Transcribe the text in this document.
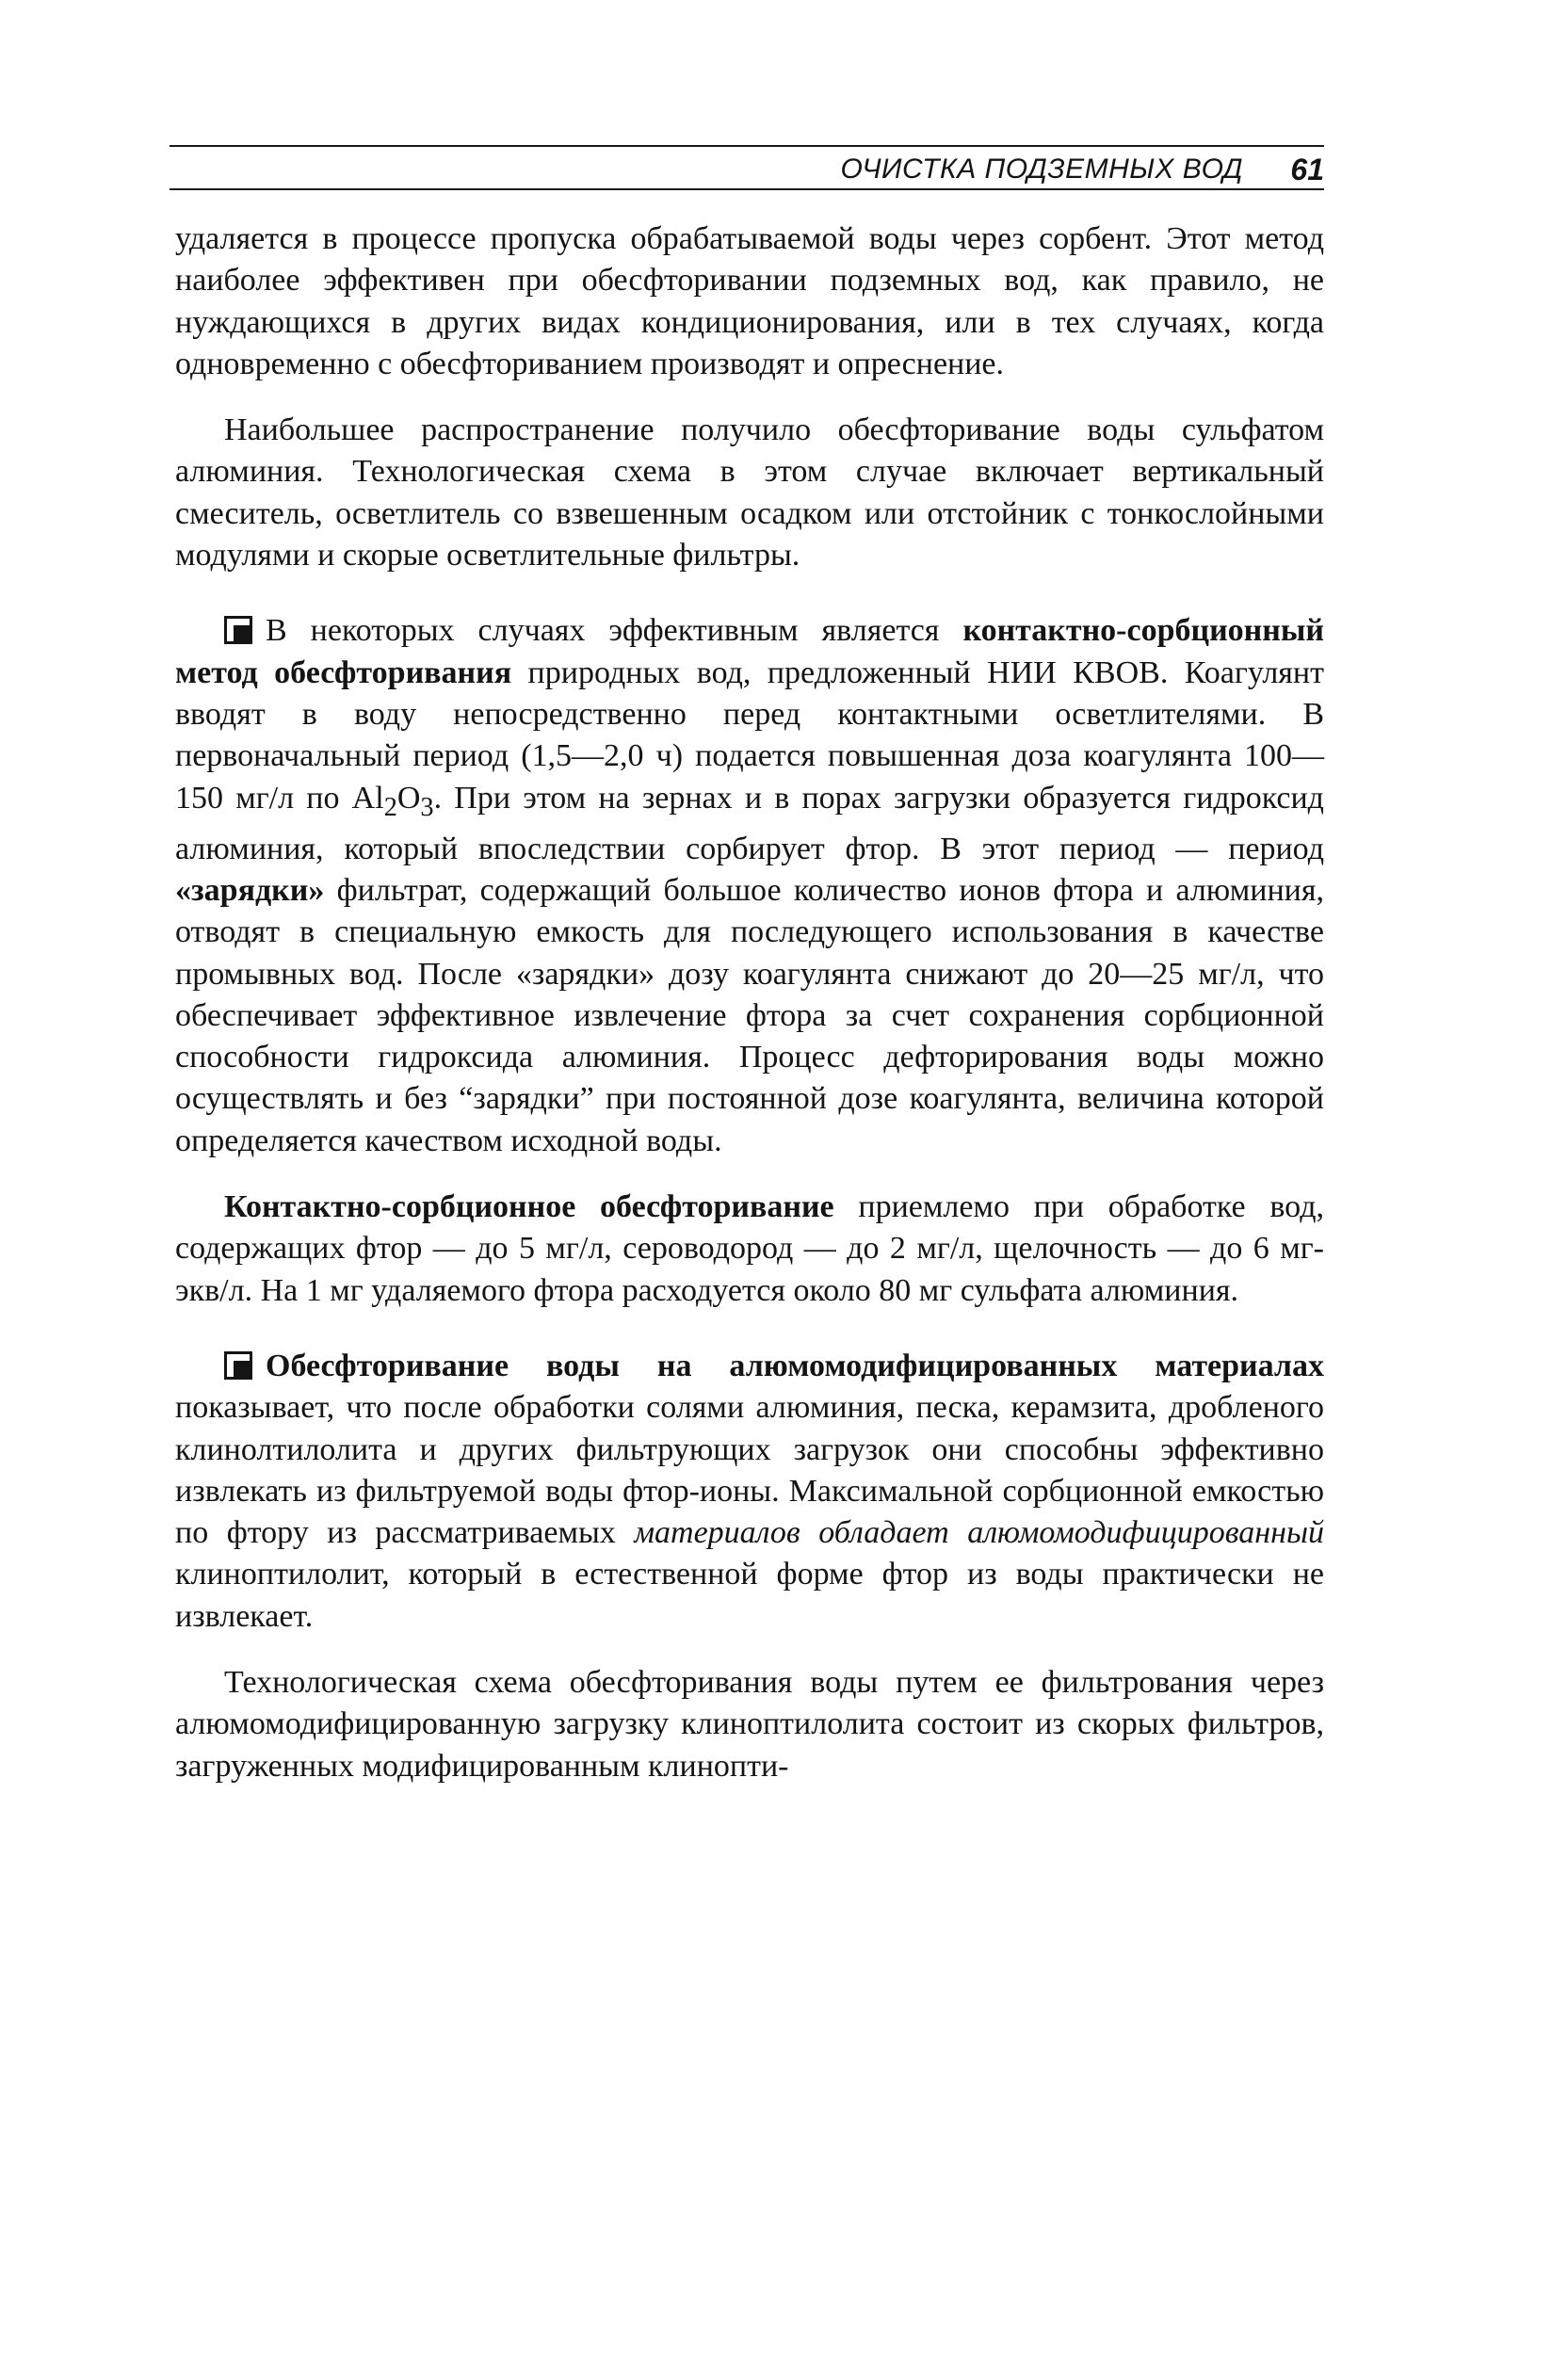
ОЧИСТКА ПОДЗЕМНЫХ ВОД 61

удаляется в процессе пропуска обрабатываемой воды через сорбент. Этот метод наиболее эффективен при обесфторивании подземных вод, как правило, не нуждающихся в других видах кондиционирования, или в тех случаях, когда одновременно с обесфториванием производят и опреснение.

Наибольшее распространение получило обесфторивание воды сульфатом алюминия. Технологическая схема в этом случае включает вертикальный смеситель, осветлитель со взвешенным осадком или отстойник с тонкослойными модулями и скорые осветлительные фильтры.

В некоторых случаях эффективным является контактно-сорбционный метод обесфторивания природных вод, предложенный НИИ КВОВ. Коагулянт вводят в воду непосредственно перед контактными осветлителями. В первоначальный период (1,5—2,0 ч) подается повышенная доза коагулянта 100—150 мг/л по $Al_2O_3$. При этом на зернах и в порах загрузки образуется гидроксид алюминия, который впоследствии сорбирует фтор. В этот период — период «зарядки» фильтрат, содержащий большое количество ионов фтора и алюминия, отводят в специальную емкость для последующего использования в качестве промывных вод. После «зарядки» дозу коагулянта снижают до 20—25 мг/л, что обеспечивает эффективное извлечение фтора за счет сохранения сорбционной способности гидроксида алюминия. Процесс дефторирования воды можно осуществлять и без “зарядки” при постоянной дозе коагулянта, величина которой определяется качеством исходной воды.

Контактно-сорбционное обесфторивание приемлемо при обработке вод, содержащих фтор — до 5 мг/л, сероводород — до 2 мг/л, щелочность — до 6 мг-экв/л. На 1 мг удаляемого фтора расходуется около 80 мг сульфата алюминия.

Обесфторивание воды на алюмомодифицированных материалах показывает, что после обработки солями алюминия, песка, керамзита, дробленого клинолтилолита и других фильтрующих загрузок они способны эффективно извлекать из фильтруемой воды фтор-ионы. Максимальной сорбционной емкостью по фтору из рассматриваемых материалов обладает алюмомодифицированный клиноптилолит, который в естественной форме фтор из воды практически не извлекает.

Технологическая схема обесфторивания воды путем ее фильтрования через алюмомодифицированную загрузку клиноптилолита состоит из скорых фильтров, загруженных модифицированным клинопти-
